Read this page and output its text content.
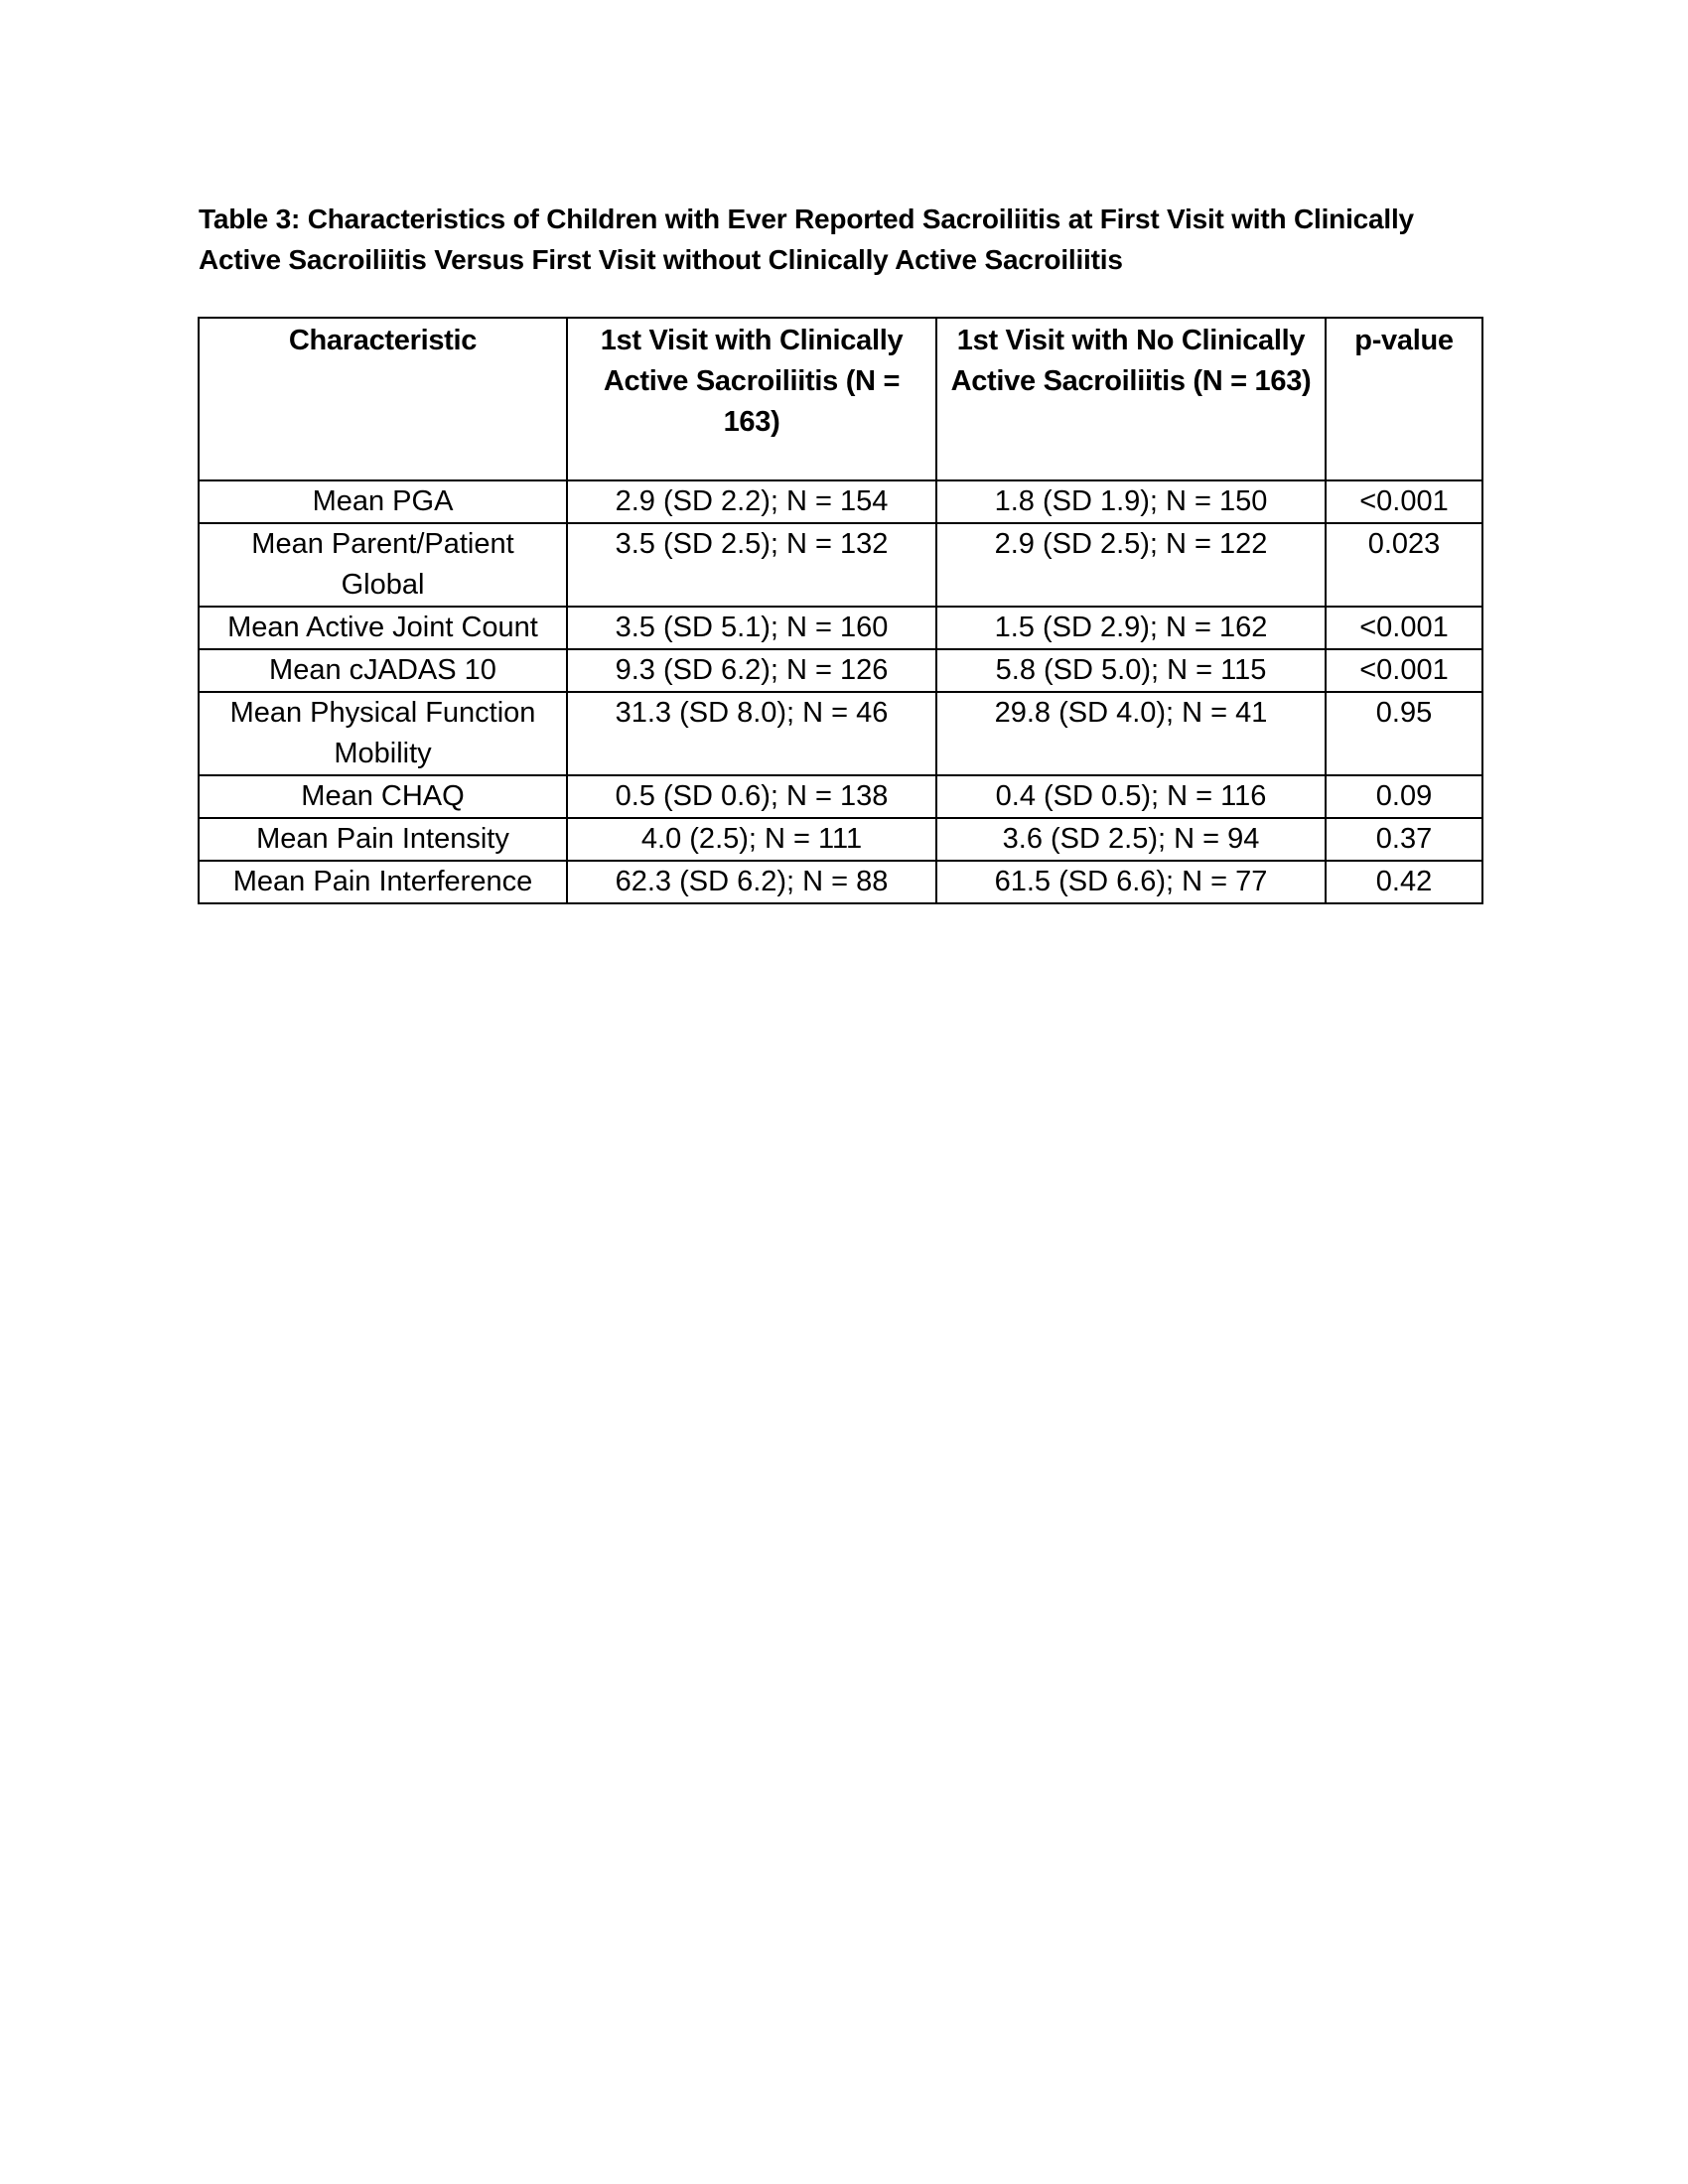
Table 3: Characteristics of Children with Ever Reported Sacroiliitis at First Visit with Clinically
Active Sacroiliitis Versus First Visit without Clinically Active Sacroiliitis
Characteristic	1st Visit with Clinically Active Sacroiliitis (N = 163)	1st Visit with No Clinically Active Sacroiliitis (N = 163)	p-value
Mean PGA	2.9 (SD 2.2); N = 154	1.8 (SD 1.9); N = 150	<0.001
Mean Parent/Patient Global	3.5 (SD 2.5); N = 132	2.9 (SD 2.5); N = 122	0.023
Mean Active Joint Count	3.5 (SD 5.1); N = 160	1.5 (SD 2.9); N = 162	<0.001
Mean cJADAS 10	9.3 (SD 6.2); N = 126	5.8 (SD 5.0); N = 115	<0.001
Mean Physical Function Mobility	31.3 (SD 8.0); N = 46	29.8 (SD 4.0); N = 41	0.95
Mean CHAQ	0.5 (SD 0.6); N = 138	0.4 (SD 0.5); N = 116	0.09
Mean Pain Intensity	4.0 (2.5); N = 111	3.6 (SD 2.5); N = 94	0.37
Mean Pain Interference	62.3 (SD 6.2); N = 88	61.5 (SD 6.6); N = 77	0.42
